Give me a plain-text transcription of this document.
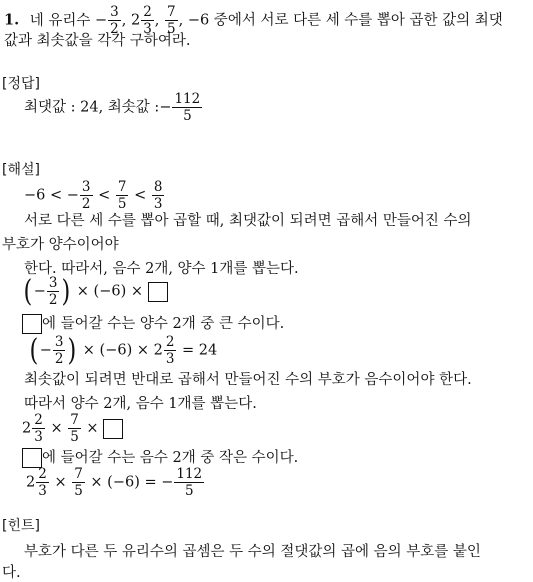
1. 네 유리수 − $\frac{3}{2}$ , $2 \frac{2}{3}$ , $\frac{7}{5}$ , −6 중에서 서로 다른 세 수를 뽑아 곱한 값의 최댓
값과 최솟값을 각각 구하여라.
[정답]
최댓값 : 24, 최솟값 :− $\frac{112}{5}$
[해설]
−6 < − $\frac{3}{2} < \frac{7}{5} < \frac{8}{3}$
서로 다른 세 수를 뽑아 곱할 때, 최댓값이 되려면 곱해서 만들어진 수의
부호가 양수이어야
한다. 따라서, 음수 2개, 양수 1개를 뽑는다.
(− $\frac{3}{2}$ ) × (−6) ×
에 들어갈 수는 양수 2개 중 큰 수이다.
(− $\frac{3}{2}$ ) × $(-6) \times 2 \frac{2}{3} = 24$
최솟값이 되려면 반대로 곱해서 만들어진 수의 부호가 음수이어야 한다.
따라서 양수 2개, 음수 1개를 뽑는다.
$2 \frac{2}{3} \times \frac{7}{5}$ ×
에 들어갈 수는 음수 2개 중 작은 수이다.
$2 \frac{2}{3} \times \frac{7}{5} \times (-6)$ = − $\frac{112}{5}$
[힌트]
부호가 다른 두 유리수의 곱셈은 두 수의 절댓값의 곱에 음의 부호를 붙인
다.
